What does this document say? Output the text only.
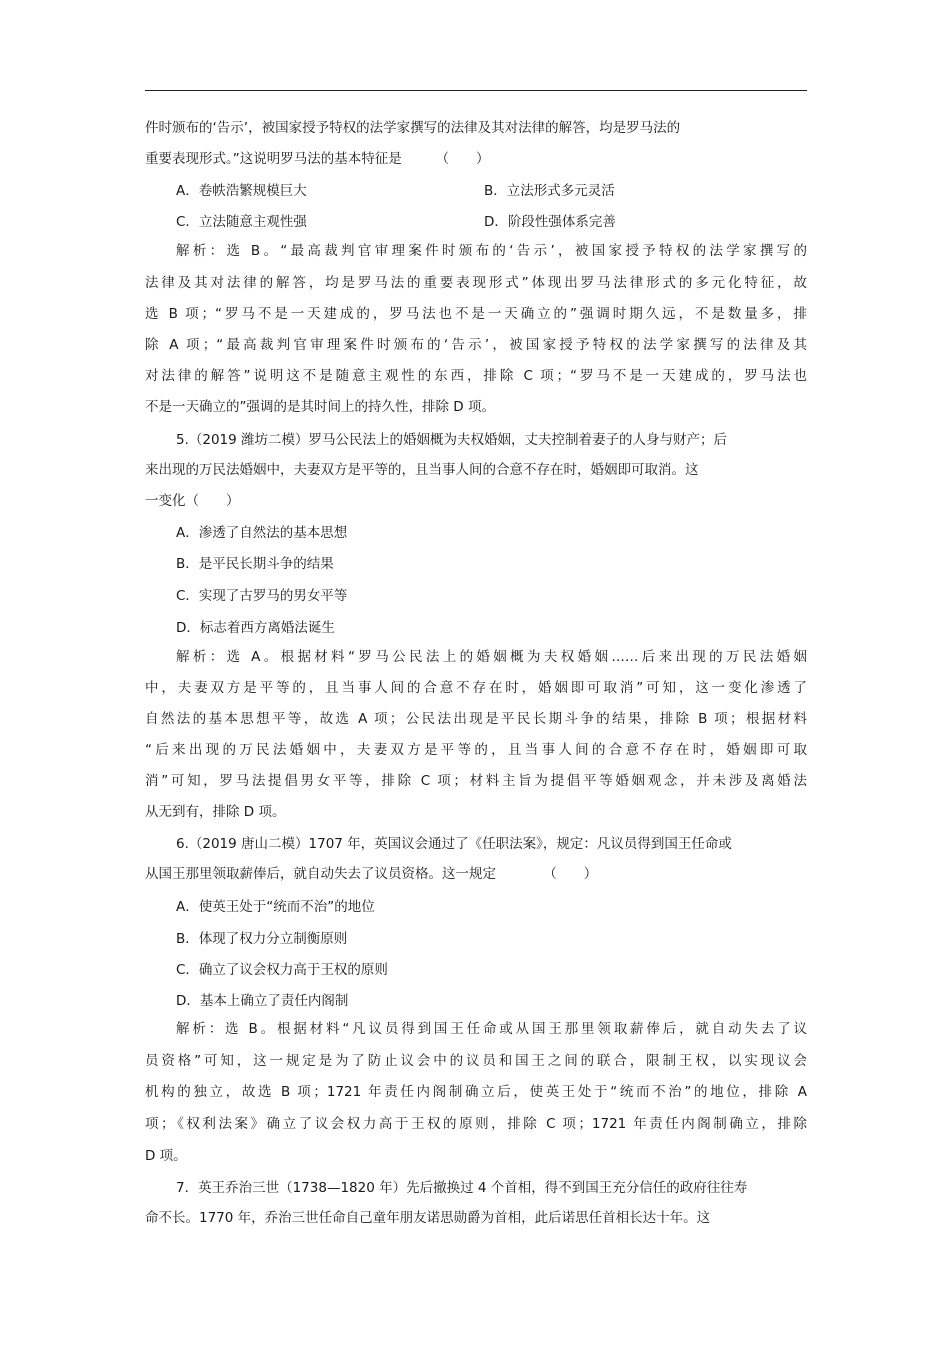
件时颁布的‘告示’，被国家授予特权的法学家撰写的法律及其对法律的解答，均是罗马法的
重要表现形式。”这说明罗马法的基本特征是　　　（　　）
A．卷帙浩繁规模巨大	B．立法形式多元灵活
C．立法随意主观性强	D．阶段性强体系完善
解析：选 B。“最高裁判官审理案件时颁布的‘告示’，被国家授予特权的法学家撰写的
法律及其对法律的解答，均是罗马法的重要表现形式”体现出罗马法律形式的多元化特征，故
选 B 项；“罗马不是一天建成的，罗马法也不是一天确立的”强调时期久远，不是数量多，排
除 A 项；“最高裁判官审理案件时颁布的‘告示’，被国家授予特权的法学家撰写的法律及其
对法律的解答”说明这不是随意主观性的东西，排除 C 项；“罗马不是一天建成的，罗马法也
不是一天确立的”强调的是其时间上的持久性，排除 D 项。
5.（2019 潍坊二模）罗马公民法上的婚姻概为夫权婚姻，丈夫控制着妻子的人身与财产；后
来出现的万民法婚姻中，夫妻双方是平等的，且当事人间的合意不存在时，婚姻即可取消。这
一变化（　　）
A．渗透了自然法的基本思想
B．是平民长期斗争的结果
C．实现了古罗马的男女平等
D．标志着西方离婚法诞生
解析：选 A。根据材料“罗马公民法上的婚姻概为夫权婚姻……后来出现的万民法婚姻
中，夫妻双方是平等的，且当事人间的合意不存在时，婚姻即可取消”可知，这一变化渗透了
自然法的基本思想平等，故选 A 项；公民法出现是平民长期斗争的结果，排除 B 项；根据材料
“后来出现的万民法婚姻中，夫妻双方是平等的，且当事人间的合意不存在时，婚姻即可取
消”可知，罗马法提倡男女平等，排除 C 项；材料主旨为提倡平等婚姻观念，并未涉及离婚法
从无到有，排除 D 项。
6.（2019 唐山二模）1707 年，英国议会通过了《任职法案》，规定：凡议员得到国王任命或
从国王那里领取薪俸后，就自动失去了议员资格。这一规定　　　　（　　）
A．使英王处于“统而不治”的地位
B．体现了权力分立制衡原则
C．确立了议会权力高于王权的原则
D．基本上确立了责任内阁制
解析：选 B。根据材料“凡议员得到国王任命或从国王那里领取薪俸后，就自动失去了议
员资格”可知，这一规定是为了防止议会中的议员和国王之间的联合，限制王权，以实现议会
机构的独立，故选 B 项；1721 年责任内阁制确立后，使英王处于“统而不治”的地位，排除 A
项；《权利法案》确立了议会权力高于王权的原则，排除 C 项；1721 年责任内阁制确立，排除
D 项。
7．英王乔治三世（1738—1820 年）先后撤换过 4 个首相，得不到国王充分信任的政府往往寿
命不长。1770 年，乔治三世任命自己童年朋友诺思勋爵为首相，此后诺思任首相长达十年。这
